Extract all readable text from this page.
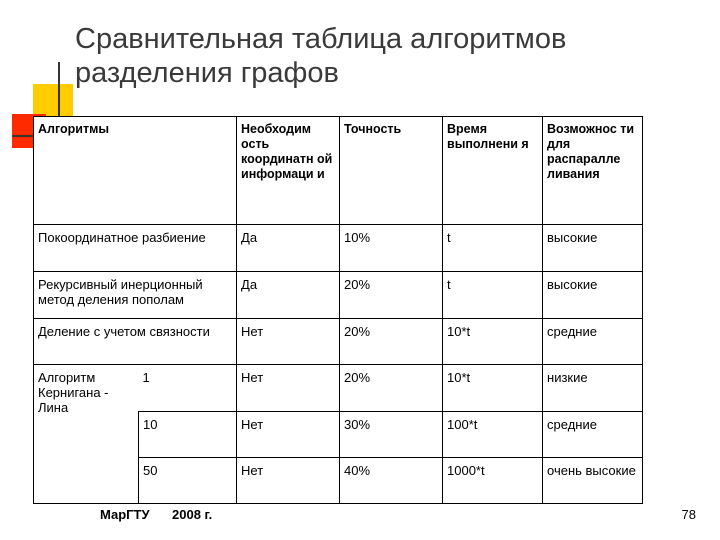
Сравнительная таблица алгоритмов
разделения графов
Алгоритмы		Необходим ость координатн ой информаци и	Точность	Время выполнени я	Возможнос ти для распаралле ливания
Покоординатное разбиение		Да	10%	t	высокие
Рекурсивный инерционный метод деления пополам		Да	20%	t	высокие
Деление с учетом связности		Нет	20%	10*t	средние
Алгоритм Кернигана - Лина	1	Нет	20%	10*t	низкие
	10	Нет	30%	100*t	средние
	50	Нет	40%	1000*t	очень высокие
МарГТУ 2008 г.	78
